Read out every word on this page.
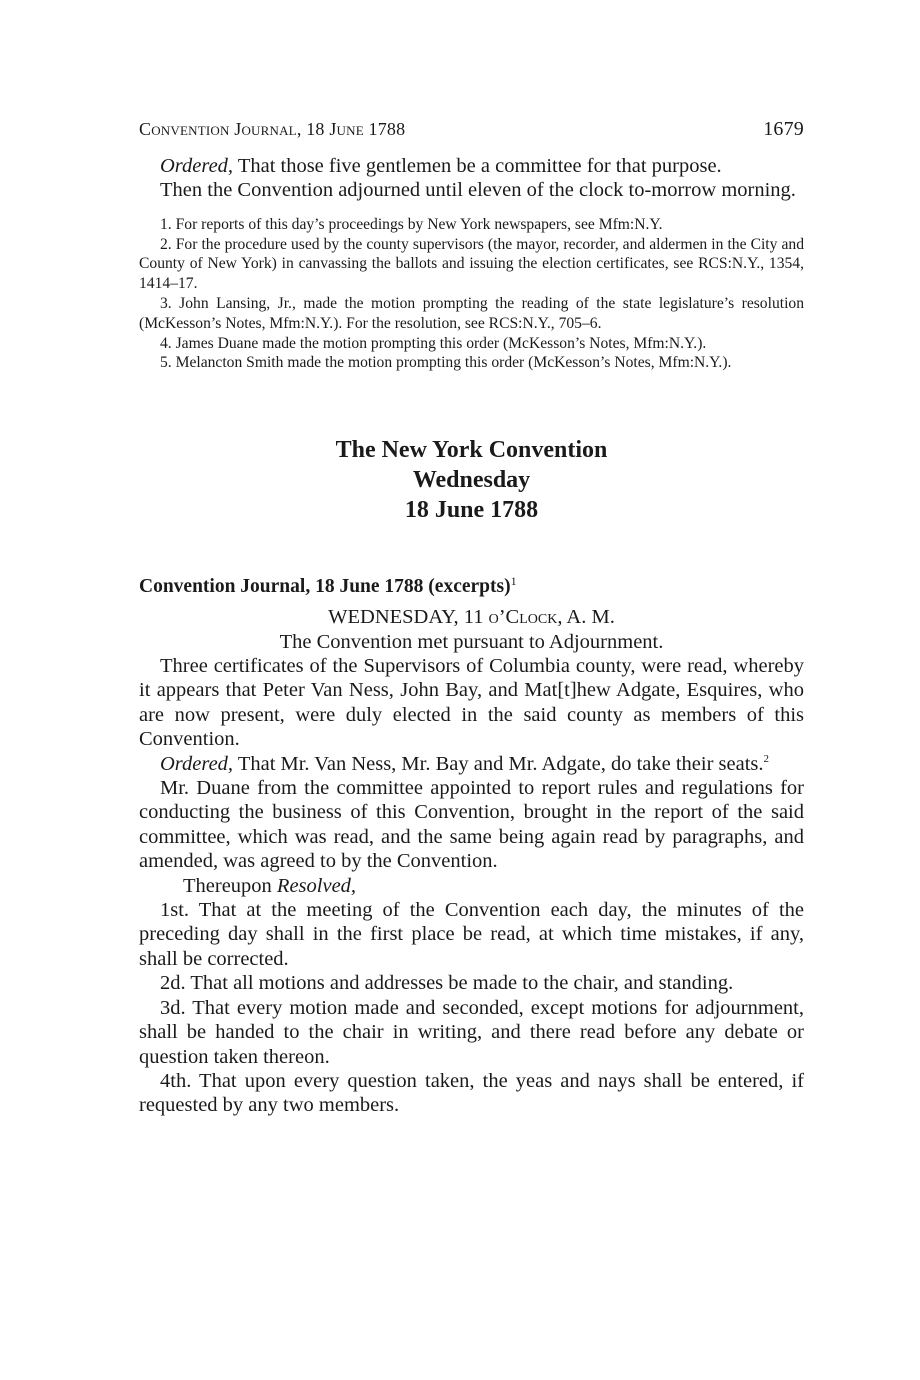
Convention Journal, 18 June 1788	1679

Ordered, That those five gentlemen be a committee for that purpose.

Then the Convention adjourned until eleven of the clock to-morrow morning.

1. For reports of this day’s proceedings by New York newspapers, see Mfm:N.Y.

2. For the procedure used by the county supervisors (the mayor, recorder, and aldermen in the City and County of New York) in canvassing the ballots and issuing the election certificates, see RCS:N.Y., 1354, 1414–17.

3. John Lansing, Jr., made the motion prompting the reading of the state legislature’s resolution (McKesson’s Notes, Mfm:N.Y.). For the resolution, see RCS:N.Y., 705–6.

4. James Duane made the motion prompting this order (McKesson’s Notes, Mfm:N.Y.).

5. Melancton Smith made the motion prompting this order (McKesson’s Notes, Mfm:N.Y.).

The New York Convention
Wednesday
18 June 1788
Convention Journal, 18 June 1788 (excerpts)$^1$

WEDNESDAY, 11 o’Clock, A. M.

The Convention met pursuant to Adjournment.

Three certificates of the Supervisors of Columbia county, were read, whereby it appears that Peter Van Ness, John Bay, and Mat[t]hew Adgate, Esquires, who are now present, were duly elected in the said county as members of this Convention.

Ordered, That Mr. Van Ness, Mr. Bay and Mr. Adgate, do take their seats.$^2$

Mr. Duane from the committee appointed to report rules and regulations for conducting the business of this Convention, brought in the report of the said committee, which was read, and the same being again read by paragraphs, and amended, was agreed to by the Convention.

Thereupon Resolved,

1st. That at the meeting of the Convention each day, the minutes of the preceding day shall in the first place be read, at which time mistakes, if any, shall be corrected.

2d. That all motions and addresses be made to the chair, and standing.

3d. That every motion made and seconded, except motions for adjournment, shall be handed to the chair in writing, and there read before any debate or question taken thereon.

4th. That upon every question taken, the yeas and nays shall be entered, if requested by any two members.
